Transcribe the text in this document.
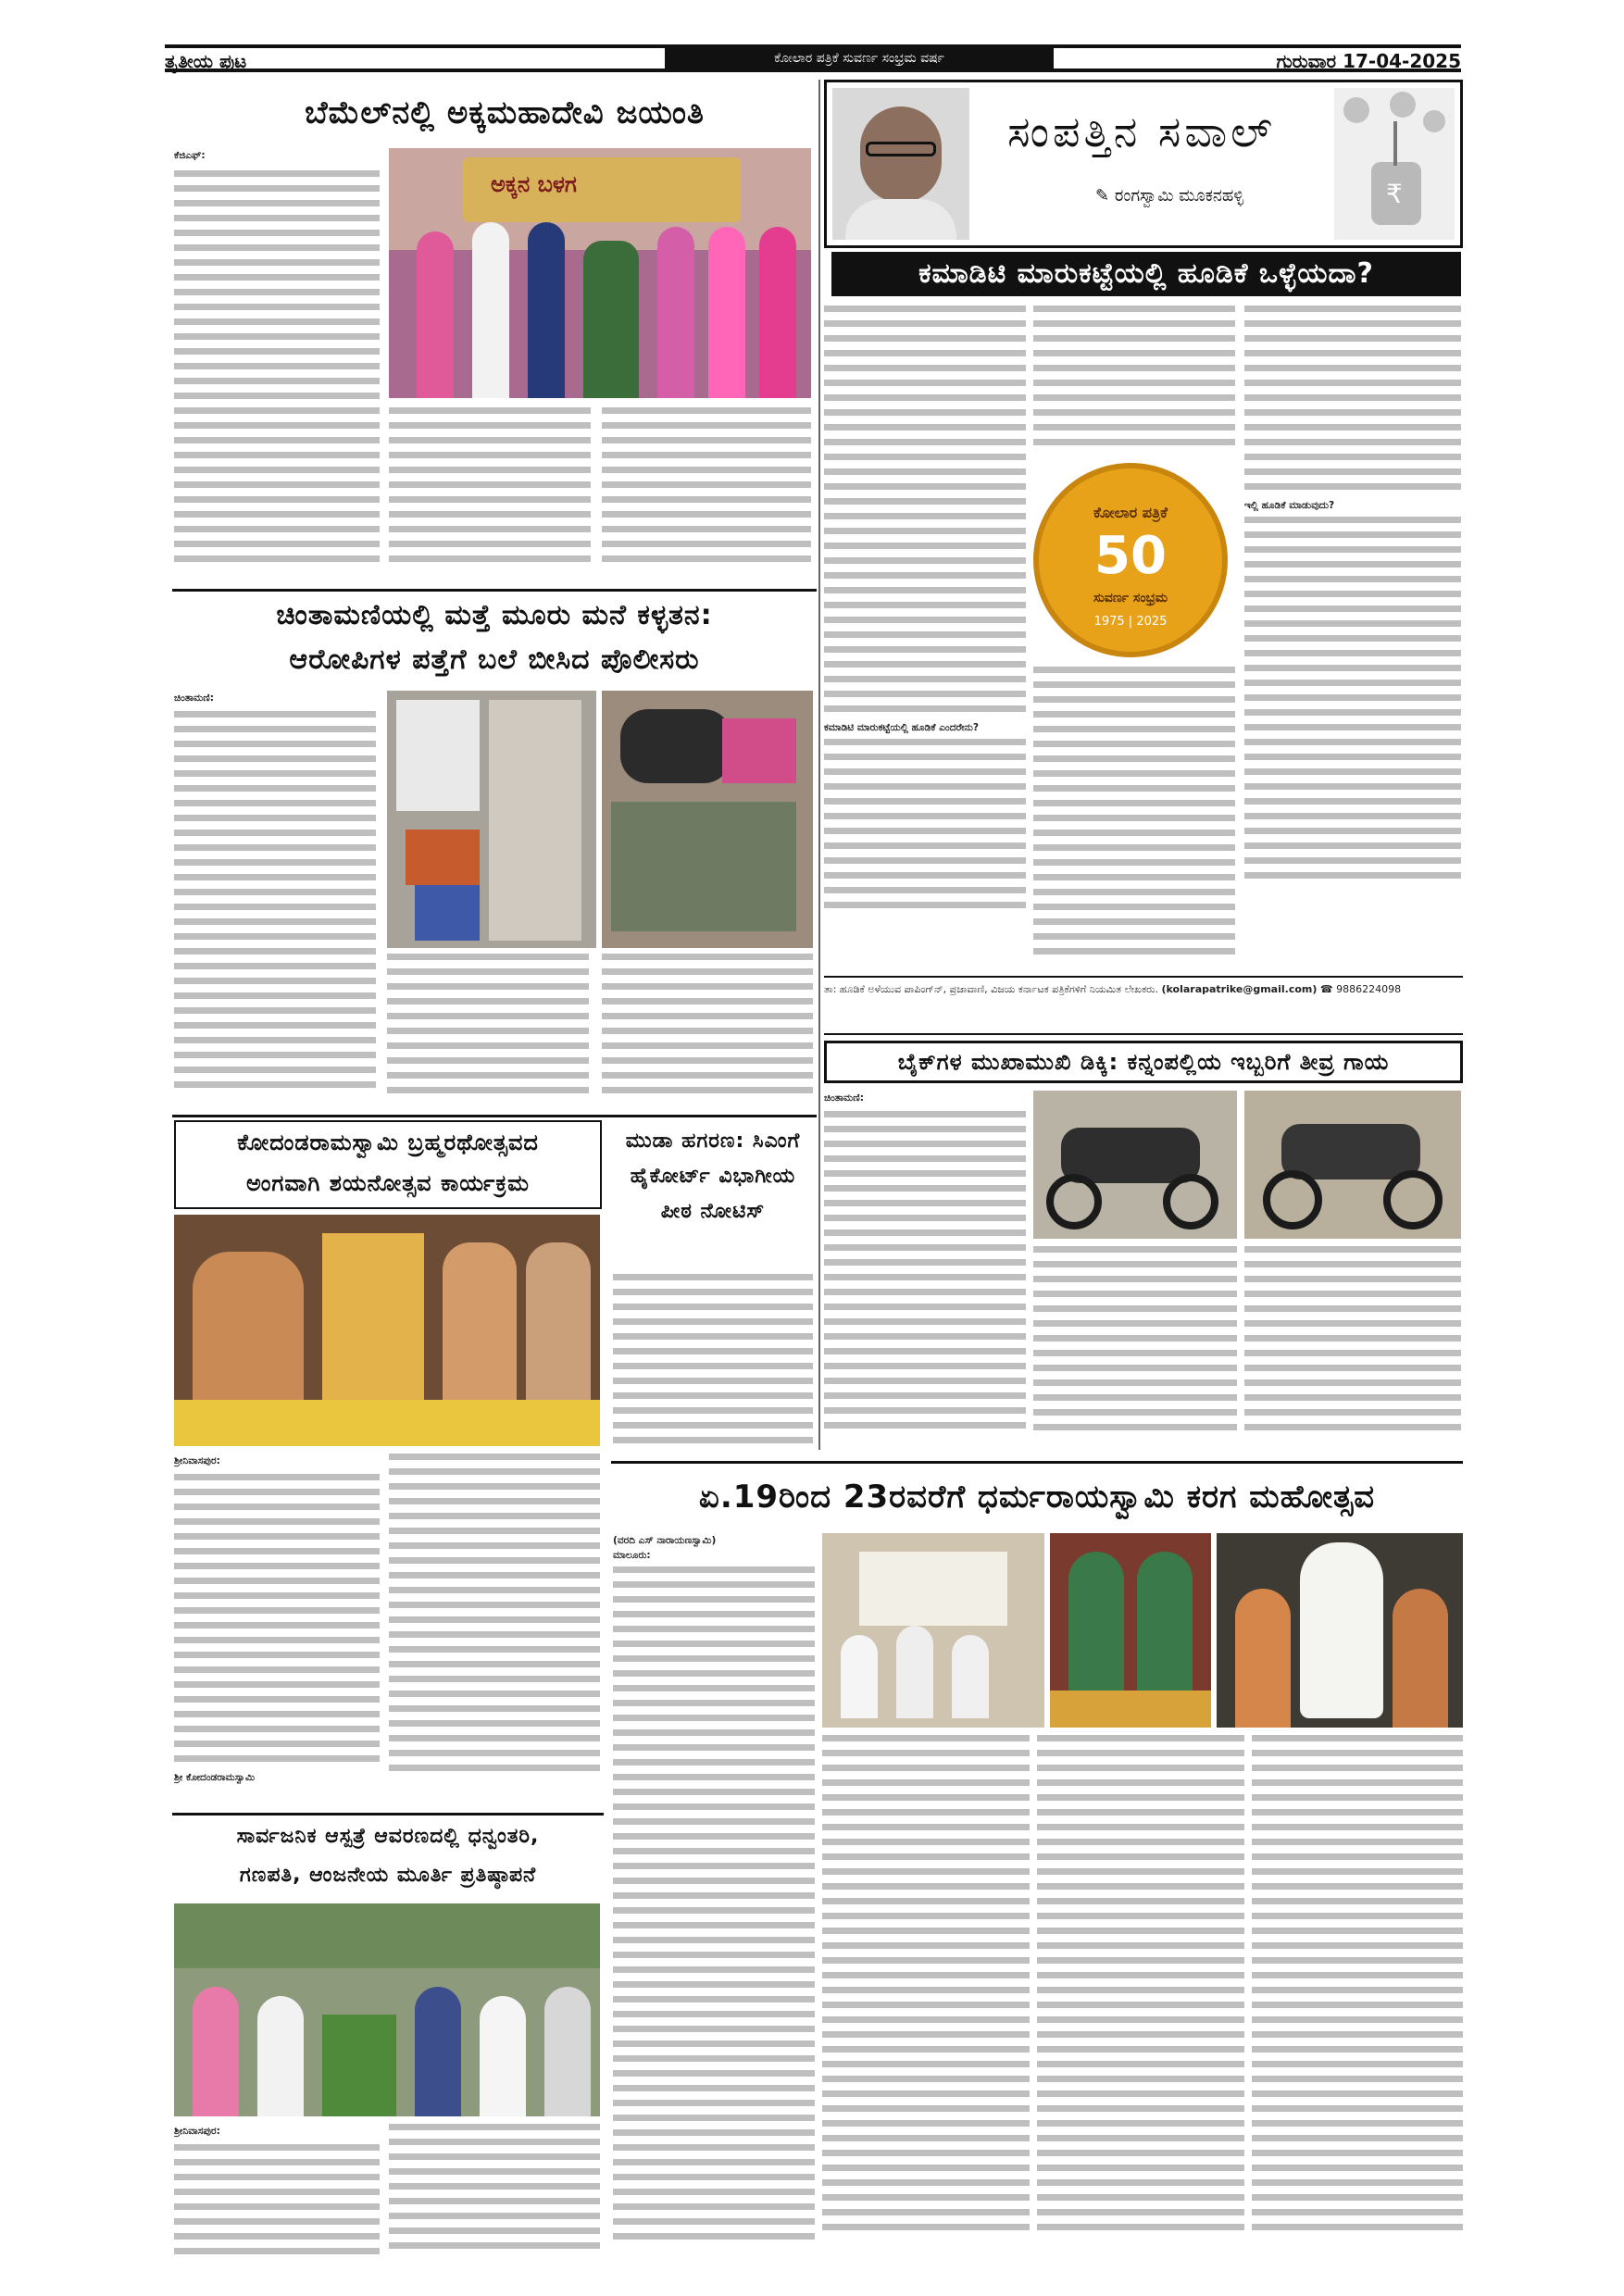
ತೃತೀಯ ಪುಟ	ಕೋಲಾರ ಪತ್ರಿಕೆ ಸುವರ್ಣ ಸಂಭ್ರಮ ವರ್ಷ	ಗುರುವಾರ 17-04-2025
ಬೆಮೆಲ್‌ನಲ್ಲಿ ಅಕ್ಕಮಹಾದೇವಿ ಜಯಂತಿ
ಕೆಜಿಎಫ್:
ಅಕ್ಕನ ಬಳಗ
ಸಂಪತ್ತಿನ ಸವಾಲ್
✎ ರಂಗಸ್ವಾಮಿ ಮೂಕನಹಳ್ಳಿ	₹
ಕಮಾಡಿಟಿ ಮಾರುಕಟ್ಟೆಯಲ್ಲಿ ಹೂಡಿಕೆ ಒಳ್ಳೆಯದಾ?
ಕಮಾಡಿಟಿ ಮಾರುಕಟ್ಟೆಯಲ್ಲಿ ಹೂಡಿಕೆ ಎಂದರೇನು?
ಕೋಲಾರ ಪತ್ರಿಕೆ
50
ಸುವರ್ಣ ಸಂಭ್ರಮ
1975 | 2025
ಇಲ್ಲಿ ಹೂಡಿಕೆ ಮಾಡುವುದು?
ತಾ: ಹೂಡಿಕೆ ಅಳೆಯುವ ಪಾಪಿಂಗ್‌ನ್, ಪ್ರಜಾವಾಣಿ, ವಿಜಯ ಕರ್ನಾಟಕ ಪತ್ರಿಕೆಗಳಿಗೆ ನಿಯಮಿತ ಲೇಖಕರು. (kolarapatrike@gmail.com) ☎ 9886224098
ಚಿಂತಾಮಣಿಯಲ್ಲಿ ಮತ್ತೆ ಮೂರು ಮನೆ ಕಳ್ಳತನ:
ಆರೋಪಿಗಳ ಪತ್ತೆಗೆ ಬಲೆ ಬೀಸಿದ ಪೊಲೀಸರು
ಚಿಂತಾಮಣಿ:
ಬೈಕ್‌ಗಳ ಮುಖಾಮುಖಿ ಡಿಕ್ಕಿ: ಕನ್ನಂಪಲ್ಲಿಯ ಇಬ್ಬರಿಗೆ ತೀವ್ರ ಗಾಯ
ಚಿಂತಾಮಣಿ:
ಕೋದಂಡರಾಮಸ್ವಾಮಿ ಬ್ರಹ್ಮರಥೋತ್ಸವದ
ಅಂಗವಾಗಿ ಶಯನೋತ್ಸವ ಕಾರ್ಯಕ್ರಮ
ಶ್ರೀನಿವಾಸಪುರ:
ಶ್ರೀ ಕೋದಂಡರಾಮಸ್ವಾಮಿ
ಮುಡಾ ಹಗರಣ: ಸಿಎಂಗೆ ಹೈಕೋರ್ಟ್ ವಿಭಾಗೀಯ ಪೀಠ ನೋಟಿಸ್
ಏ.19ರಿಂದ 23ರವರೆಗೆ ಧರ್ಮರಾಯಸ್ವಾಮಿ ಕರಗ ಮಹೋತ್ಸವ
(ವರದಿ ಎಸ್ ನಾರಾಯಣಸ್ವಾಮಿ)
ಮಾಲೂರು:
ಸಾರ್ವಜನಿಕ ಆಸ್ಪತ್ರೆ ಆವರಣದಲ್ಲಿ ಧನ್ವಂತರಿ,
ಗಣಪತಿ, ಆಂಜನೇಯ ಮೂರ್ತಿ ಪ್ರತಿಷ್ಠಾಪನೆ
ಶ್ರೀನಿವಾಸಪುರ:
